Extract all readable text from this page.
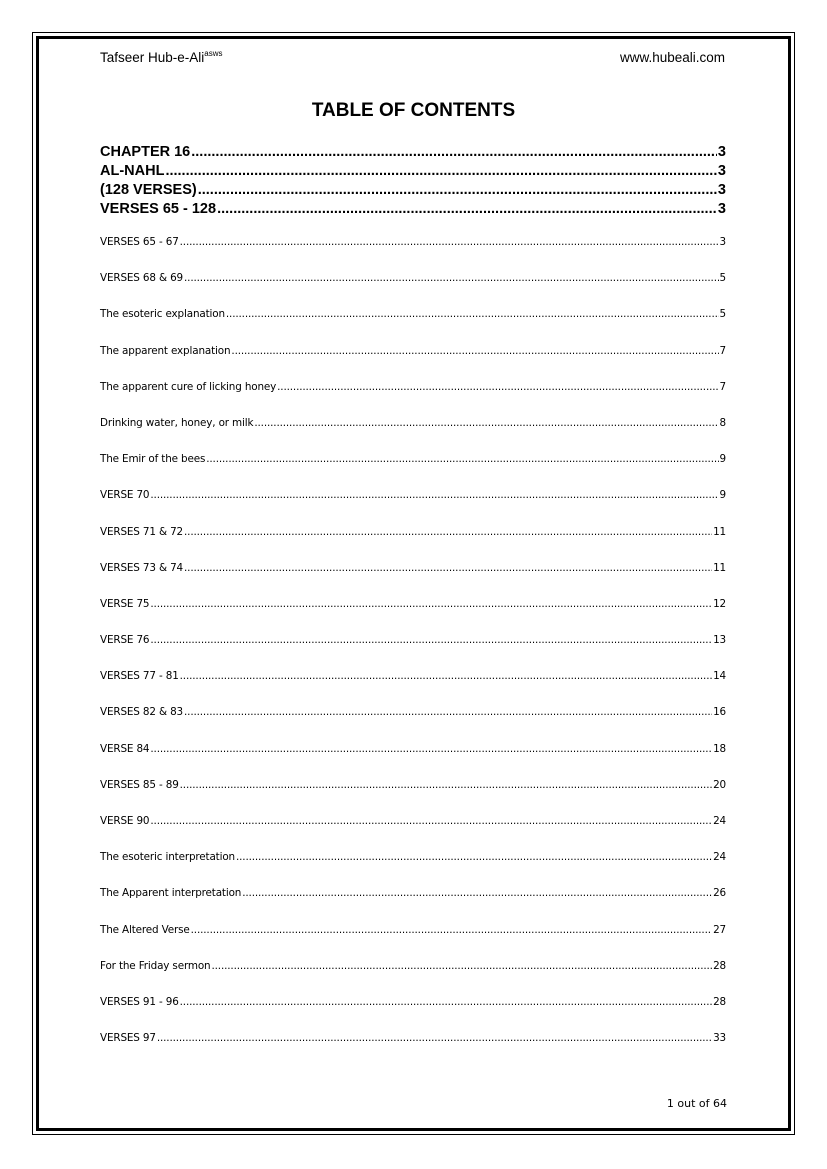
Tafseer Hub-e-Ali$^{asws}$	www.hubeali.com
TABLE OF CONTENTS
CHAPTER 16 .....	3
AL-NAHL .....	3
(128 VERSES) .....	3
VERSES 65 - 128 .....	3
VERSES 65 - 67 .....	3
VERSES 68 & 69 .....	5
The esoteric explanation .....	5
The apparent explanation .....	7
The apparent cure of licking honey .....	7
Drinking water, honey, or milk .....	8
The Emir of the bees .....	9
VERSE 70 .....	9
VERSES 71 & 72 .....	11
VERSES 73 & 74 .....	11
VERSE 75 .....	12
VERSE 76 .....	13
VERSES 77 - 81 .....	14
VERSES 82 & 83 .....	16
VERSE 84 .....	18
VERSES 85 - 89 .....	20
VERSE 90 .....	24
The esoteric interpretation .....	24
The Apparent interpretation .....	26
The Altered Verse .....	27
For the Friday sermon .....	28
VERSES 91 - 96 .....	28
VERSES 97 .....	33
1 out of 64
